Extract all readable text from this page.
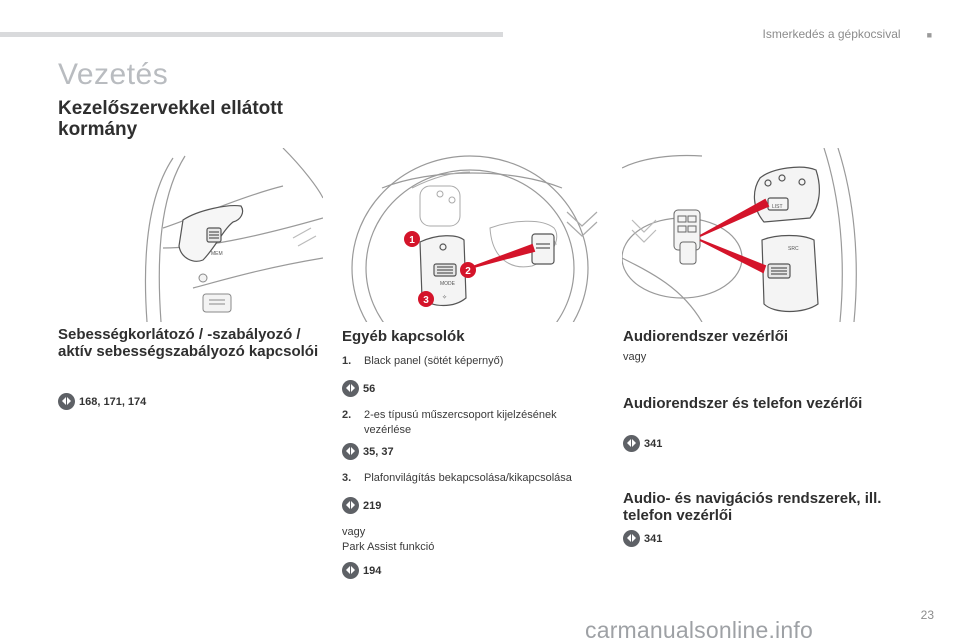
Ismerkedés a gépkocsival	■
Vezetés
Kezelőszervekkel ellátott kormány
MEM
MODE
✧
1
2
3
LIST
SRC
Sebességkorlátozó / -szabályozó / aktív sebességszabályozó kapcsolói
168, 171, 174
Egyéb kapcsolók
1. Black panel (sötét képernyő)
56
2. 2-es típusú műszercsoport kijelzésének vezérlése
35, 37
3. Plafonvilágítás bekapcsolása/kikapcsolása
219
vagy
Park Assist funkció
194
Audiorendszer vezérlői
vagy
Audiorendszer és telefon vezérlői
341
Audio- és navigációs rendszerek, ill. telefon vezérlői
341
23
carmanualsonline.info
